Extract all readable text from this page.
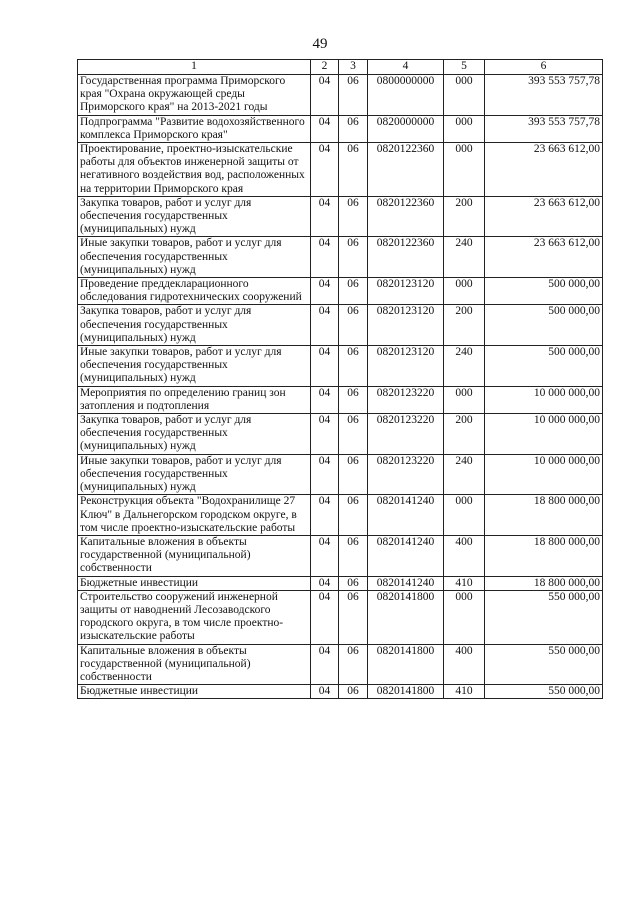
49
1	2	3	4	5	6
Государственная программа Приморского края "Охрана окружающей среды Приморского края" на 2013-2021 годы	04	06	0800000000	000	393 553 757,78
Подпрограмма "Развитие водохозяйственного комплекса Приморского края"	04	06	0820000000	000	393 553 757,78
Проектирование, проектно-изыскательские работы для объектов инженерной защиты от негативного воздействия вод, расположенных на территории Приморского края	04	06	0820122360	000	23 663 612,00
Закупка товаров, работ и услуг для обеспечения государственных (муниципальных) нужд	04	06	0820122360	200	23 663 612,00
Иные закупки товаров, работ и услуг для обеспечения государственных (муниципальных) нужд	04	06	0820122360	240	23 663 612,00
Проведение преддекларационного обследования гидротехнических сооружений	04	06	0820123120	000	500 000,00
Закупка товаров, работ и услуг для обеспечения государственных (муниципальных) нужд	04	06	0820123120	200	500 000,00
Иные закупки товаров, работ и услуг для обеспечения государственных (муниципальных) нужд	04	06	0820123120	240	500 000,00
Мероприятия по определению границ зон затопления и подтопления	04	06	0820123220	000	10 000 000,00
Закупка товаров, работ и услуг для обеспечения государственных (муниципальных) нужд	04	06	0820123220	200	10 000 000,00
Иные закупки товаров, работ и услуг для обеспечения государственных (муниципальных) нужд	04	06	0820123220	240	10 000 000,00
Реконструкция объекта "Водохранилище 27 Ключ" в Дальнегорском городском округе, в том числе проектно-изыскательские работы	04	06	0820141240	000	18 800 000,00
Капитальные вложения в объекты государственной (муниципальной) собственности	04	06	0820141240	400	18 800 000,00
Бюджетные инвестиции	04	06	0820141240	410	18 800 000,00
Строительство сооружений инженерной защиты от наводнений Лесозаводского городского округа, в том числе проектно-изыскательские работы	04	06	0820141800	000	550 000,00
Капитальные вложения в объекты государственной (муниципальной) собственности	04	06	0820141800	400	550 000,00
Бюджетные инвестиции	04	06	0820141800	410	550 000,00
